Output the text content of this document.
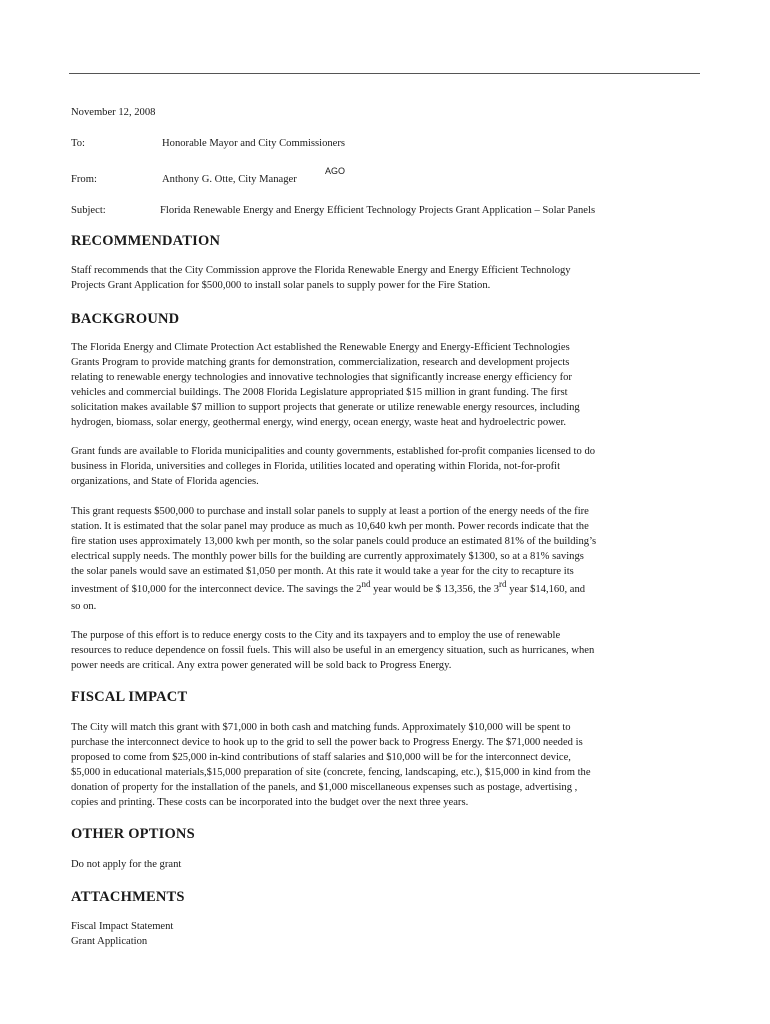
November 12, 2008

To:	Honorable Mayor and City Commissioners

From:	Anthony G. Otte, City Manager

AGO

Subject:	Florida Renewable Energy and Energy Efficient Technology Projects Grant Application – Solar Panels

RECOMMENDATION
Staff recommends that the City Commission approve the Florida Renewable Energy and Energy Efficient Technology
Projects Grant Application for $500,000 to install solar panels to supply power for the Fire Station.
BACKGROUND
The Florida Energy and Climate Protection Act established the Renewable Energy and Energy-Efficient Technologies
Grants Program to provide matching grants for demonstration, commercialization, research and development projects
relating to renewable energy technologies and innovative technologies that significantly increase energy efficiency for
vehicles and commercial buildings. The 2008 Florida Legislature appropriated $15 million in grant funding. The first
solicitation makes available $7 million to support projects that generate or utilize renewable energy resources, including
hydrogen, biomass, solar energy, geothermal energy, wind energy, ocean energy, waste heat and hydroelectric power.
Grant funds are available to Florida municipalities and county governments, established for-profit companies licensed to do
business in Florida, universities and colleges in Florida, utilities located and operating within Florida, not-for-profit
organizations, and State of Florida agencies.
This grant requests $500,000 to purchase and install solar panels to supply at least a portion of the energy needs of the fire
station. It is estimated that the solar panel may produce as much as 10,640 kwh per month. Power records indicate that the
fire station uses approximately 13,000 kwh per month, so the solar panels could produce an estimated 81% of the building’s
electrical supply needs. The monthly power bills for the building are currently approximately $1300, so at a 81% savings
the solar panels would save an estimated $1,050 per month. At this rate it would take a year for the city to recapture its
investment of $10,000 for the interconnect device. The savings the 2nd year would be $ 13,356, the 3rd year $14,160, and
so on.
The purpose of this effort is to reduce energy costs to the City and its taxpayers and to employ the use of renewable
resources to reduce dependence on fossil fuels. This will also be useful in an emergency situation, such as hurricanes, when
power needs are critical. Any extra power generated will be sold back to Progress Energy.
FISCAL IMPACT
The City will match this grant with $71,000 in both cash and matching funds. Approximately $10,000 will be spent to
purchase the interconnect device to hook up to the grid to sell the power back to Progress Energy. The $71,000 needed is
proposed to come from $25,000 in-kind contributions of staff salaries and $10,000 will be for the interconnect device,
$5,000 in educational materials,$15,000 preparation of site (concrete, fencing, landscaping, etc.), $15,000 in kind from the
donation of property for the installation of the panels, and $1,000 miscellaneous expenses such as postage, advertising ,
copies and printing. These costs can be incorporated into the budget over the next three years.
OTHER OPTIONS

Do not apply for the grant

ATTACHMENTS
Fiscal Impact Statement
Grant Application
